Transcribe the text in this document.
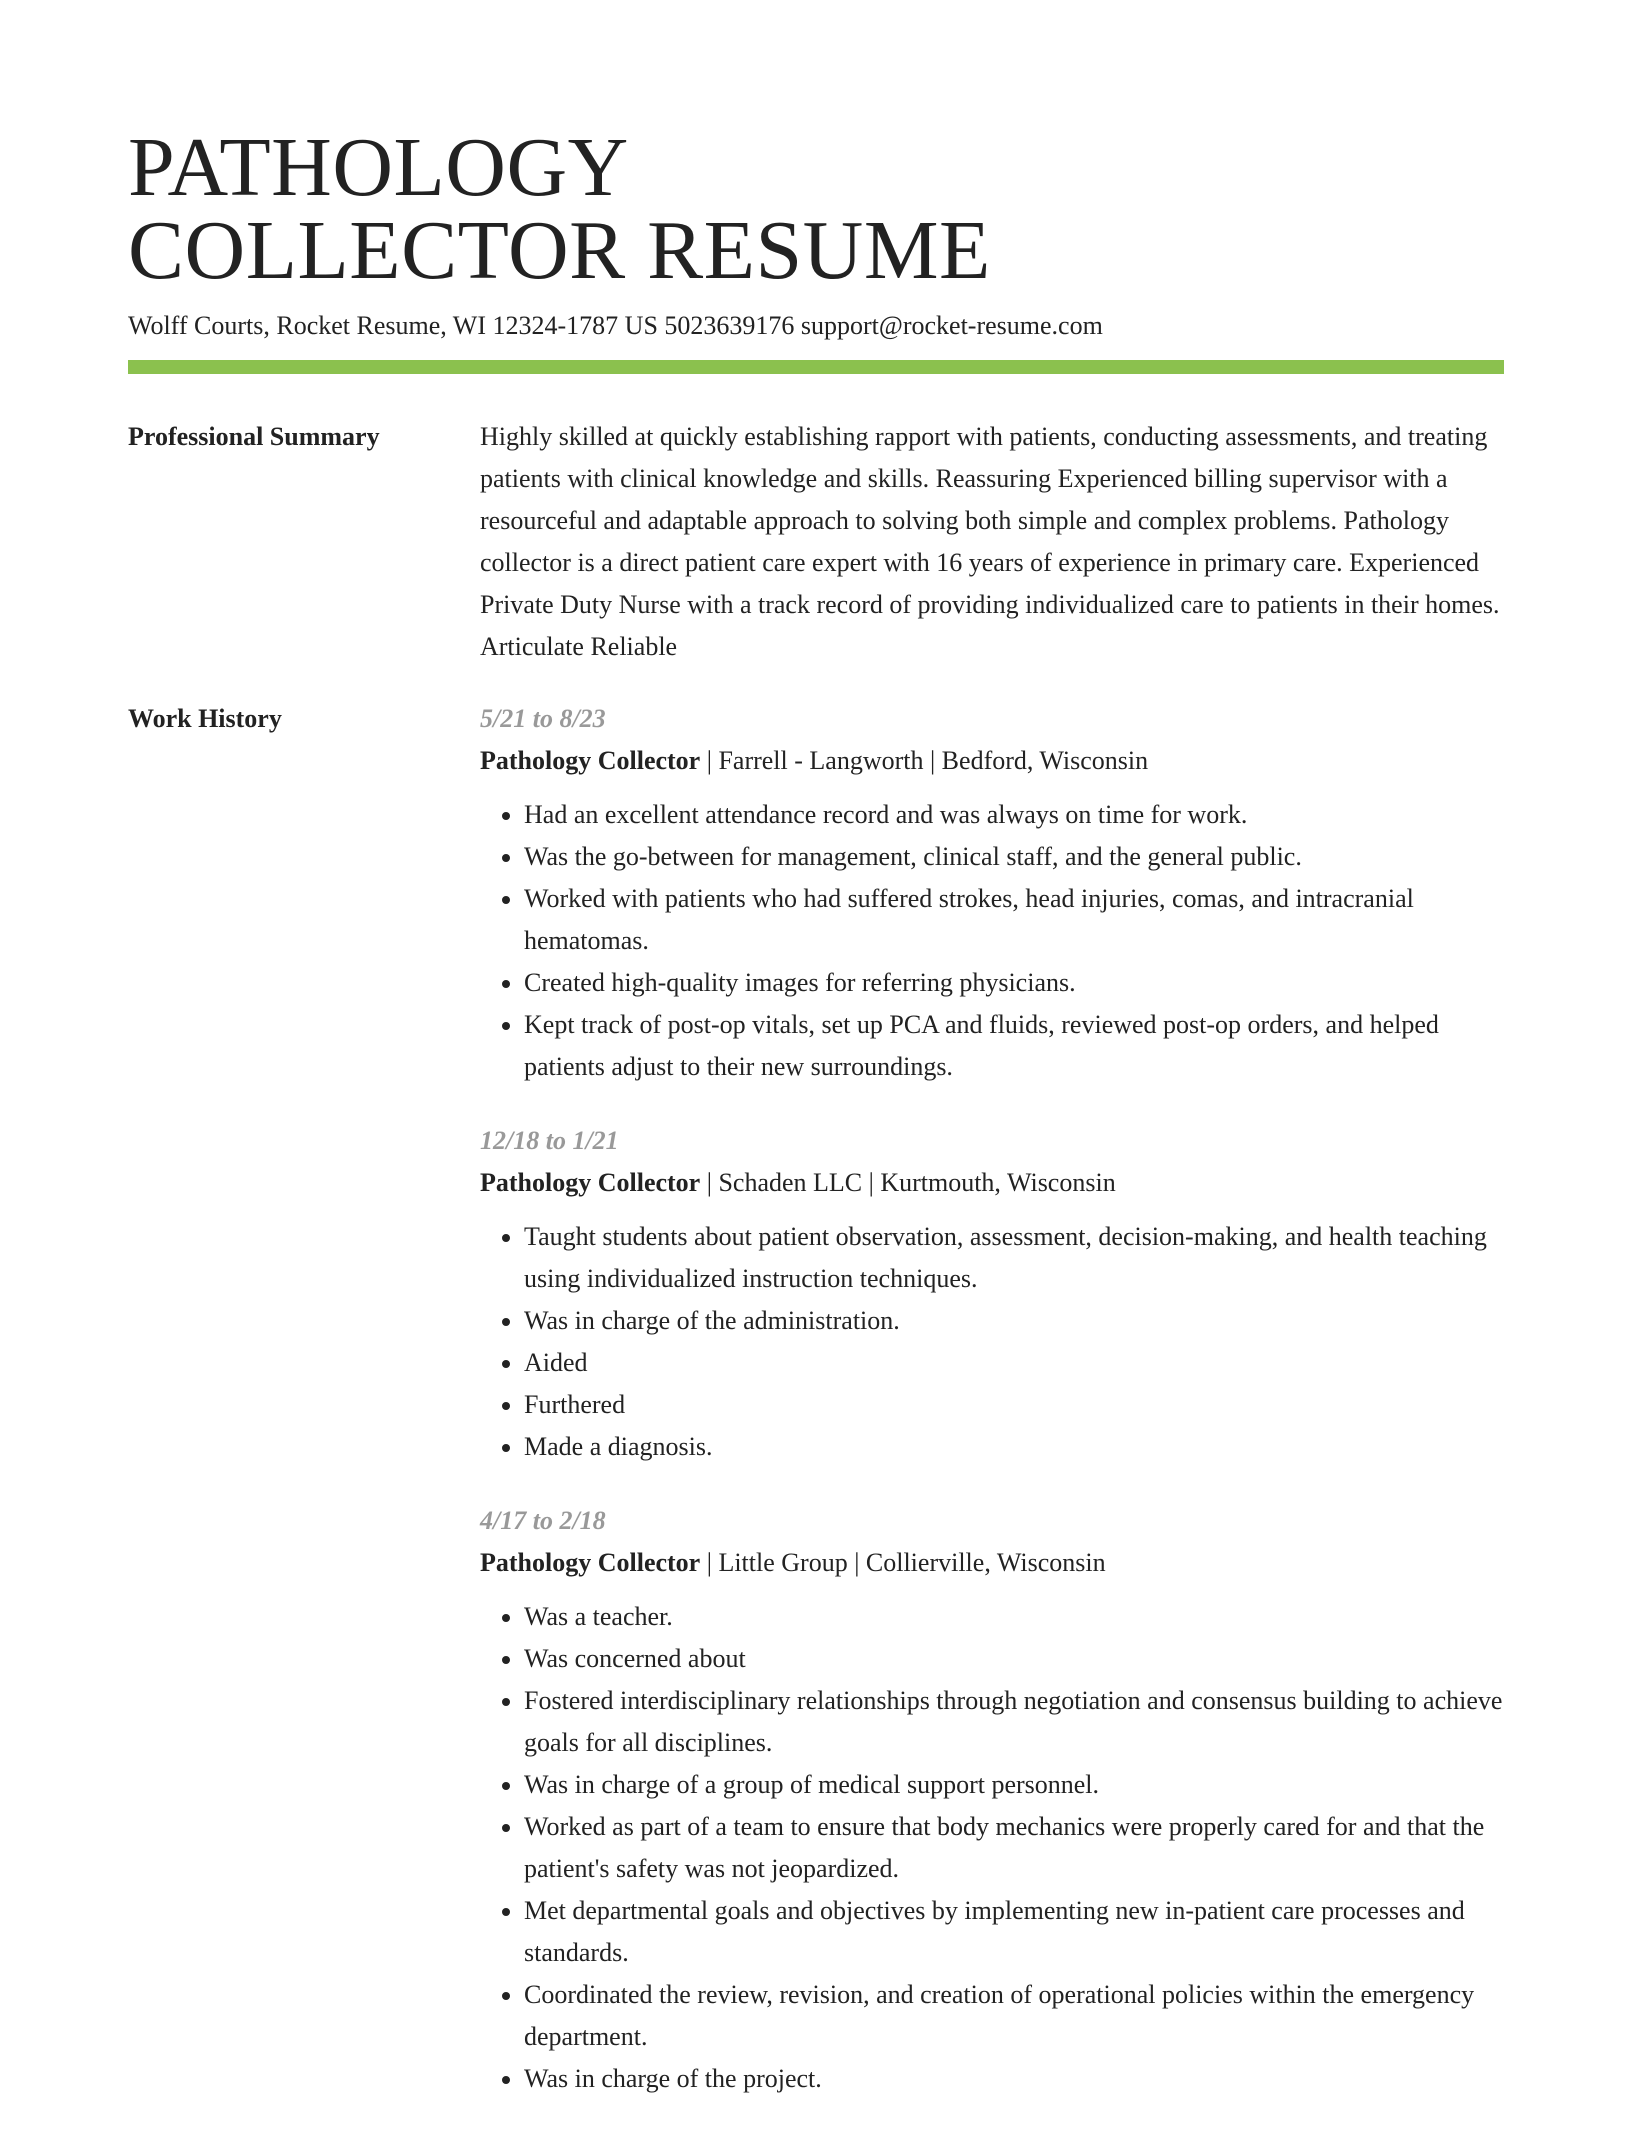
PATHOLOGY
COLLECTOR RESUME
Wolff Courts, Rocket Resume, WI 12324-1787 US 5023639176 support@rocket-resume.com
Professional Summary	Highly skilled at quickly establishing rapport with patients, conducting assessments, and treating patients with clinical knowledge and skills. Reassuring Experienced billing supervisor with a resourceful and adaptable approach to solving both simple and complex problems. Pathology collector is a direct patient care expert with 16 years of experience in primary care. Experienced Private Duty Nurse with a track record of providing individualized care to patients in their homes. Articulate Reliable

Work History	5/21 to 8/23
Pathology Collector | Farrell - Langworth | Bedford, Wisconsin
• Had an excellent attendance record and was always on time for work.
• Was the go-between for management, clinical staff, and the general public.
• Worked with patients who had suffered strokes, head injuries, comas, and intracranial hematomas.
• Created high-quality images for referring physicians.
• Kept track of post-op vitals, set up PCA and fluids, reviewed post-op orders, and helped patients adjust to their new surroundings.
12/18 to 1/21
Pathology Collector | Schaden LLC | Kurtmouth, Wisconsin
• Taught students about patient observation, assessment, decision-making, and health teaching using individualized instruction techniques.
• Was in charge of the administration.
• Aided
• Furthered
• Made a diagnosis.
4/17 to 2/18
Pathology Collector | Little Group | Collierville, Wisconsin
• Was a teacher.
• Was concerned about
• Fostered interdisciplinary relationships through negotiation and consensus building to achieve goals for all disciplines.
• Was in charge of a group of medical support personnel.
• Worked as part of a team to ensure that body mechanics were properly cared for and that the patient's safety was not jeopardized.
• Met departmental goals and objectives by implementing new in-patient care processes and standards.
• Coordinated the review, revision, and creation of operational policies within the emergency department.
• Was in charge of the project.
